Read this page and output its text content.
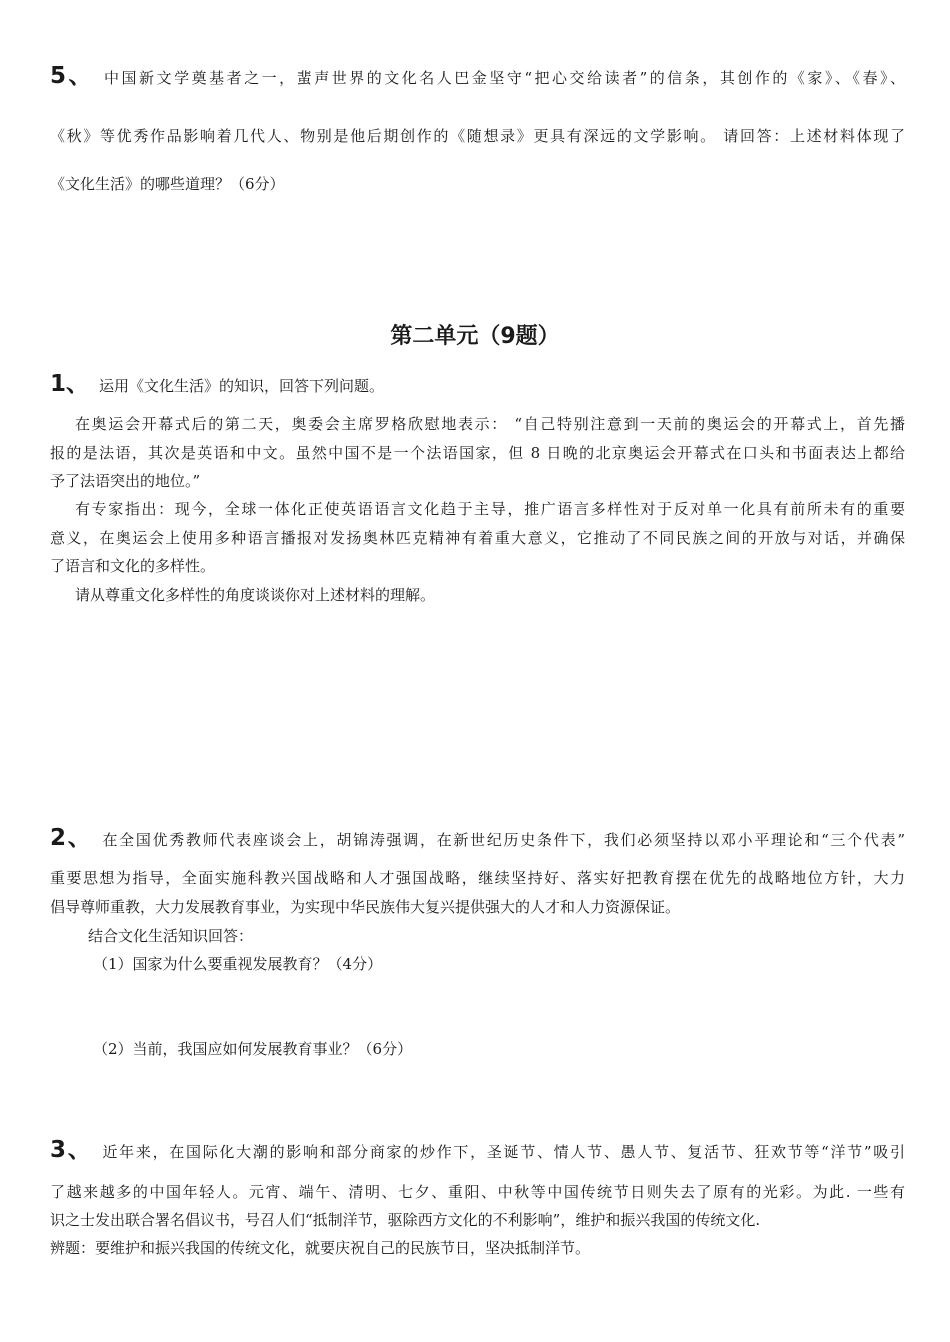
5、 中国新文学奠基者之一，蜚声世界的文化名人巴金坚守“把心交给读者”的信条，其创作的《家》、《春》、
《秋》等优秀作品影响着几代人、物别是他后期创作的《随想录》更具有深远的文学影响。 请回答：上述材料体现了
《文化生活》的哪些道理？（6分）
第二单元（9题）
1、 运用《文化生活》的知识，回答下列问题。
在奥运会开幕式后的第二天，奥委会主席罗格欣慰地表示： “自己特别注意到一天前的奥运会的开幕式上，首先播
报的是法语，其次是英语和中文。虽然中国不是一个法语国家，但 8 日晚的北京奥运会开幕式在口头和书面表达上都给
予了法语突出的地位。”
有专家指出：现今，全球一体化正使英语语言文化趋于主导，推广语言多样性对于反对单一化具有前所未有的重要
意义，在奥运会上使用多种语言播报对发扬奥林匹克精神有着重大意义，它推动了不同民族之间的开放与对话，并确保
了语言和文化的多样性。
请从尊重文化多样性的角度谈谈你对上述材料的理解。
2、 在全国优秀教师代表座谈会上，胡锦涛强调，在新世纪历史条件下，我们必须坚持以邓小平理论和“三个代表”
重要思想为指导，全面实施科教兴国战略和人才强国战略，继续坚持好、落实好把教育摆在优先的战略地位方针，大力
倡导尊师重教，大力发展教育事业，为实现中华民族伟大复兴提供强大的人才和人力资源保证。
结合文化生活知识回答：
（1）国家为什么要重视发展教育？（4分）
（2）当前，我国应如何发展教育事业？（6分）
3、 近年来，在国际化大潮的影响和部分商家的炒作下，圣诞节、情人节、愚人节、复活节、狂欢节等“洋节”吸引
了越来越多的中国年轻人。元宵、端午、清明、七夕、重阳、中秋等中国传统节日则失去了原有的光彩。为此. 一些有
识之士发出联合署名倡议书，号召人们“抵制洋节，驱除西方文化的不利影响”，维护和振兴我国的传统文化.
辨题：要维护和振兴我国的传统文化，就要庆祝自己的民族节日，坚决抵制洋节。
